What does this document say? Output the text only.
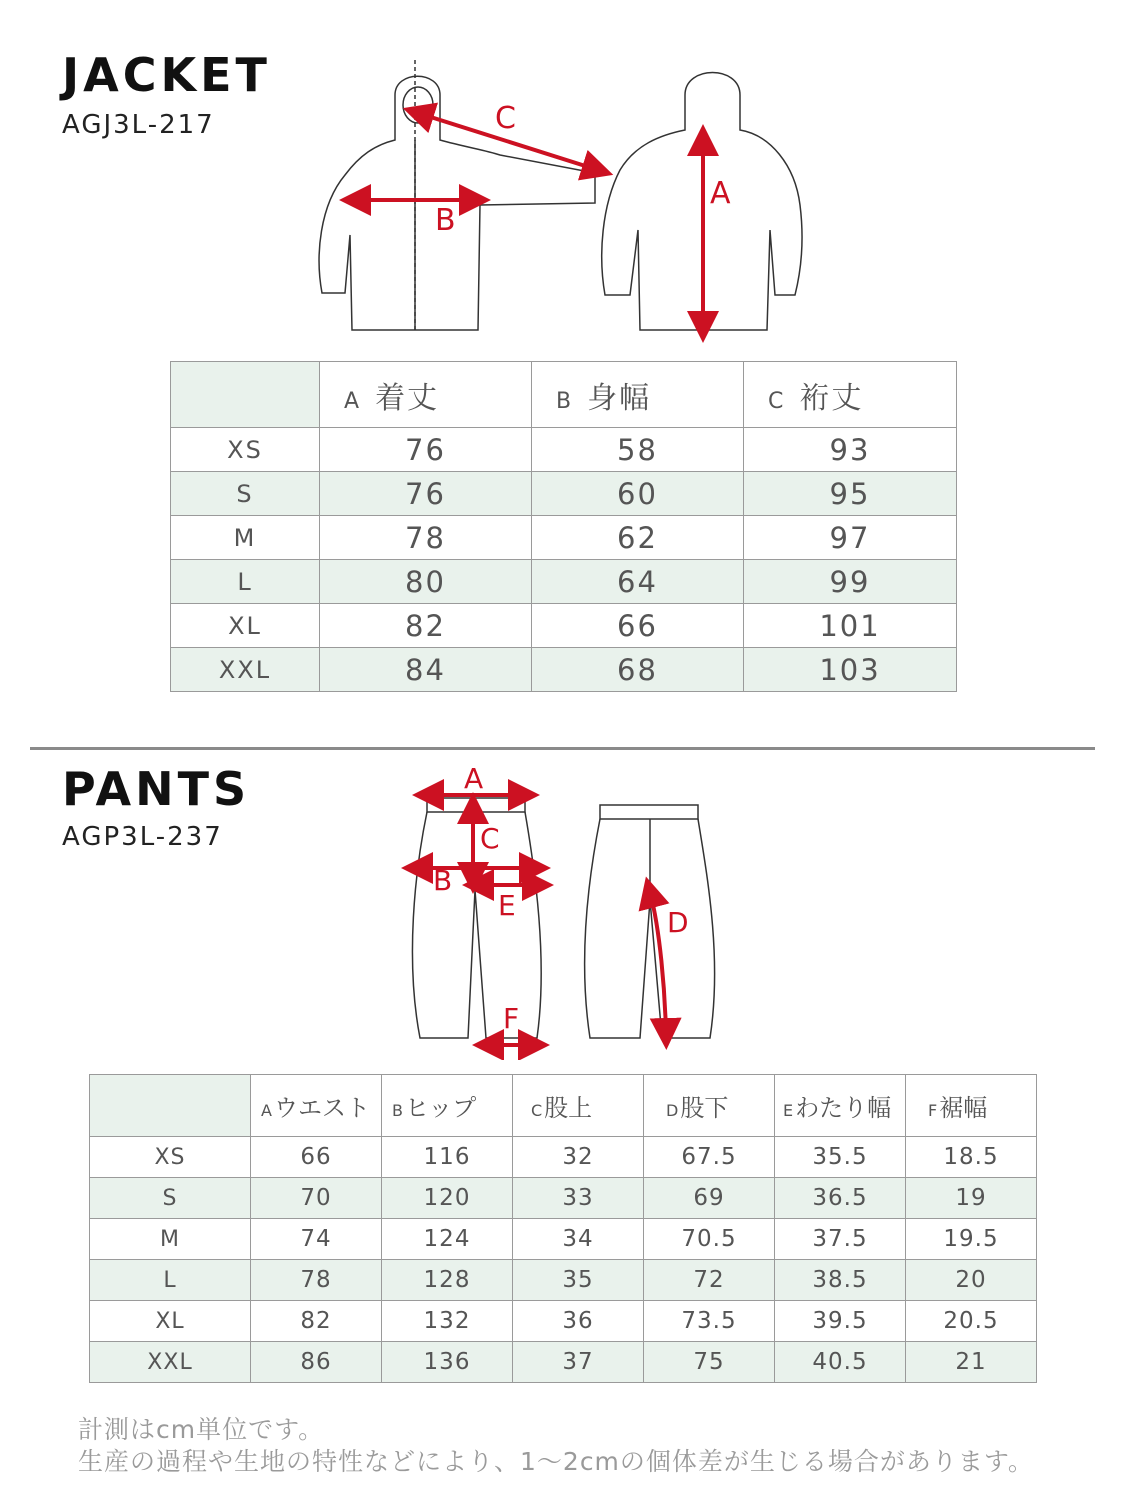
JACKET
AGJ3L-217	C
B
A
	A 着丈	B 身幅	C 裄丈
XS	76	58	93
S	76	60	95
M	78	62	97
L	80	64	99
XL	82	66	101
XXL	84	68	103
PANTS
AGP3L-237
A
C
B
E
D
F
	Aウエスト	Bヒップ	C股上	D股下	Eわたり幅	F裾幅
XS	66	116	32	67.5	35.5	18.5
S	70	120	33	69	36.5	19
M	74	124	34	70.5	37.5	19.5
L	78	128	35	72	38.5	20
XL	82	132	36	73.5	39.5	20.5
XXL	86	136	37	75	40.5	21
計測はcm単位です。
生産の過程や生地の特性などにより、1〜2cmの個体差が生じる場合があります。
